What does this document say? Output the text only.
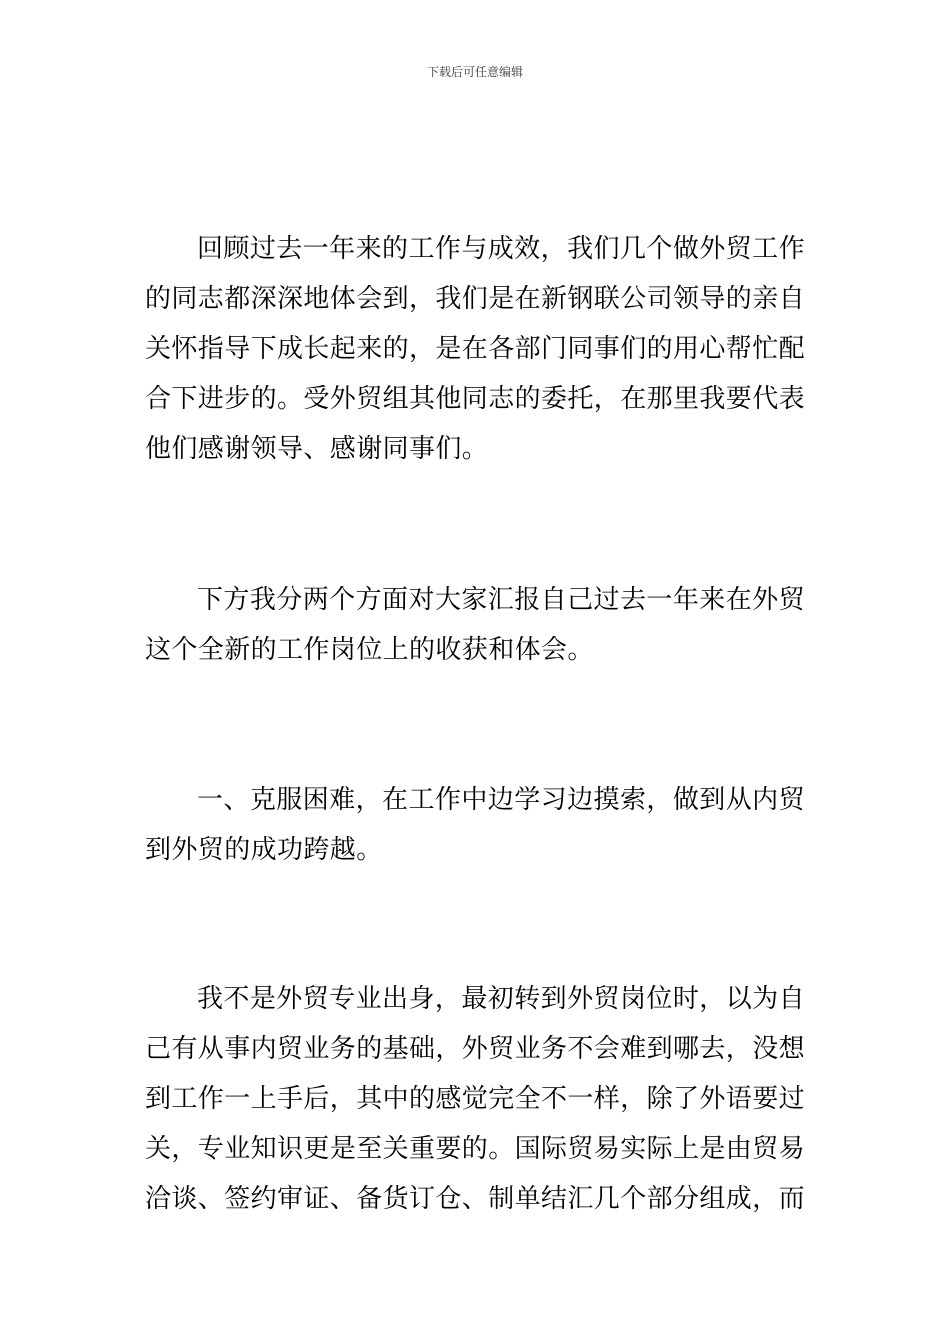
下载后可任意编辑

回顾过去一年来的工作与成效，我们几个做外贸工作的同志都深深地体会到，我们是在新钢联公司领导的亲自关怀指导下成长起来的，是在各部门同事们的用心帮忙配合下进步的。受外贸组其他同志的委托，在那里我要代表他们感谢领导、感谢同事们。

下方我分两个方面对大家汇报自己过去一年来在外贸这个全新的工作岗位上的收获和体会。

一、克服困难，在工作中边学习边摸索，做到从内贸到外贸的成功跨越。

我不是外贸专业出身，最初转到外贸岗位时，以为自己有从事内贸业务的基础，外贸业务不会难到哪去，没想到工作一上手后，其中的感觉完全不一样，除了外语要过关，专业知识更是至关重要的。国际贸易实际上是由贸易洽谈、签约审证、备货订仓、制单结汇几个部分组成，而
